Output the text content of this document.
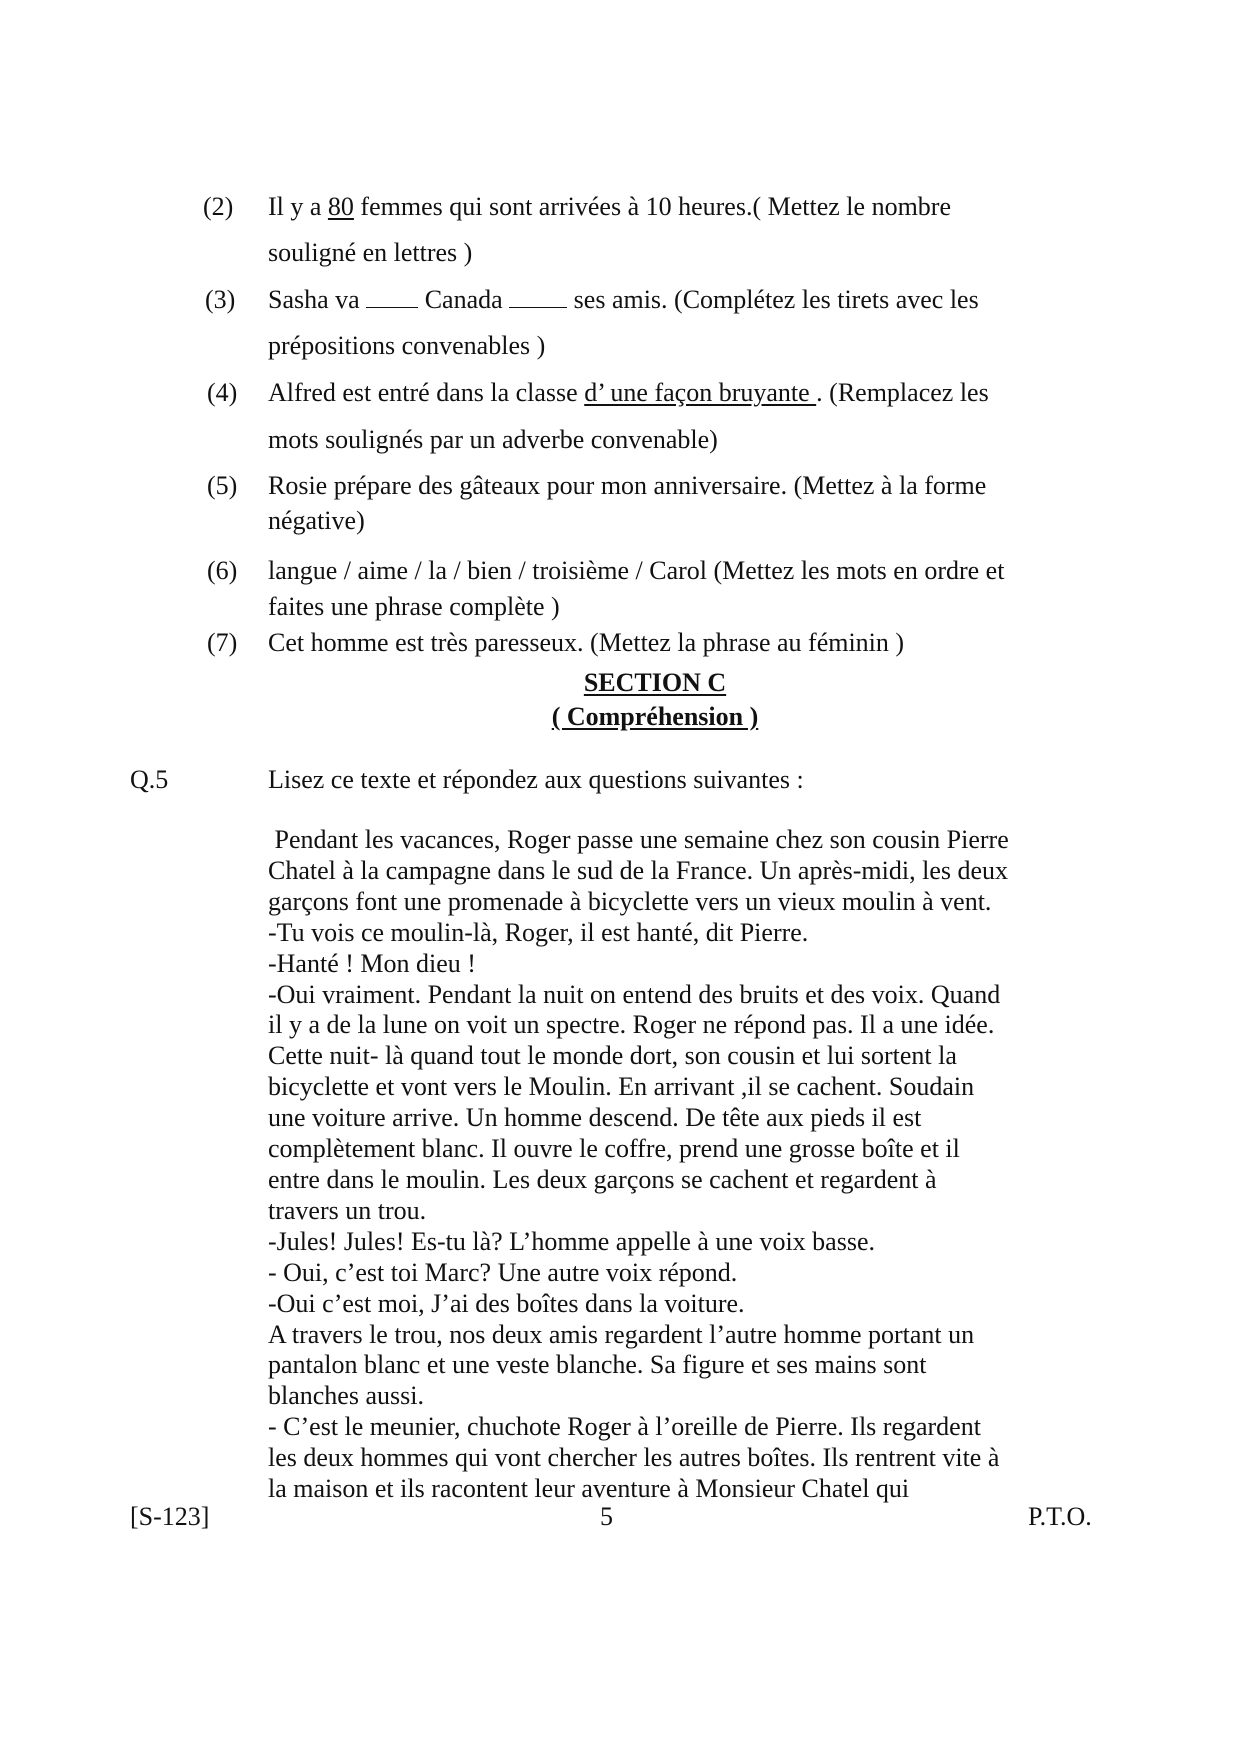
(2) Il y a 80 femmes qui sont arrivées à 10 heures.( Mettez le nombre
souligné en lettres )
(3) Sasha va	Canada	ses amis. (Complétez les tirets avec les
prépositions convenables )
(4) Alfred est entré dans la classe d’ une façon bruyante . (Remplacez les
mots soulignés par un adverbe convenable)
(5) Rosie prépare des gâteaux pour mon anniversaire. (Mettez à la forme
négative)
(6) langue / aime / la / bien / troisième / Carol (Mettez les mots en ordre et
faites une phrase complète )
(7) Cet homme est très paresseux. (Mettez la phrase au féminin )
SECTION C
( Compréhension )
Q.5	Lisez ce texte et répondez aux questions suivantes :
Pendant les vacances, Roger passe une semaine chez son cousin Pierre
Chatel à la campagne dans le sud de la France. Un après-midi, les deux
garçons font une promenade à bicyclette vers un vieux moulin à vent.
-Tu vois ce moulin-là, Roger, il est hanté, dit Pierre.
-Hanté ! Mon dieu !
-Oui vraiment. Pendant la nuit on entend des bruits et des voix. Quand
il y a de la lune on voit un spectre. Roger ne répond pas. Il a une idée.
Cette nuit- là quand tout le monde dort, son cousin et lui sortent la
bicyclette et vont vers le Moulin. En arrivant ,il se cachent. Soudain
une voiture arrive. Un homme descend. De tête aux pieds il est
complètement blanc. Il ouvre le coffre, prend une grosse boîte et il
entre dans le moulin. Les deux garçons se cachent et regardent à
travers un trou.
-Jules! Jules! Es-tu là? L’homme appelle à une voix basse.
- Oui, c’est toi Marc? Une autre voix répond.
-Oui c’est moi, J’ai des boîtes dans la voiture.
A travers le trou, nos deux amis regardent l’autre homme portant un
pantalon blanc et une veste blanche. Sa figure et ses mains sont
blanches aussi.
- C’est le meunier, chuchote Roger à l’oreille de Pierre. Ils regardent
les deux hommes qui vont chercher les autres boîtes. Ils rentrent vite à
la maison et ils racontent leur aventure à Monsieur Chatel qui
[S-123]	5	P.T.O.
